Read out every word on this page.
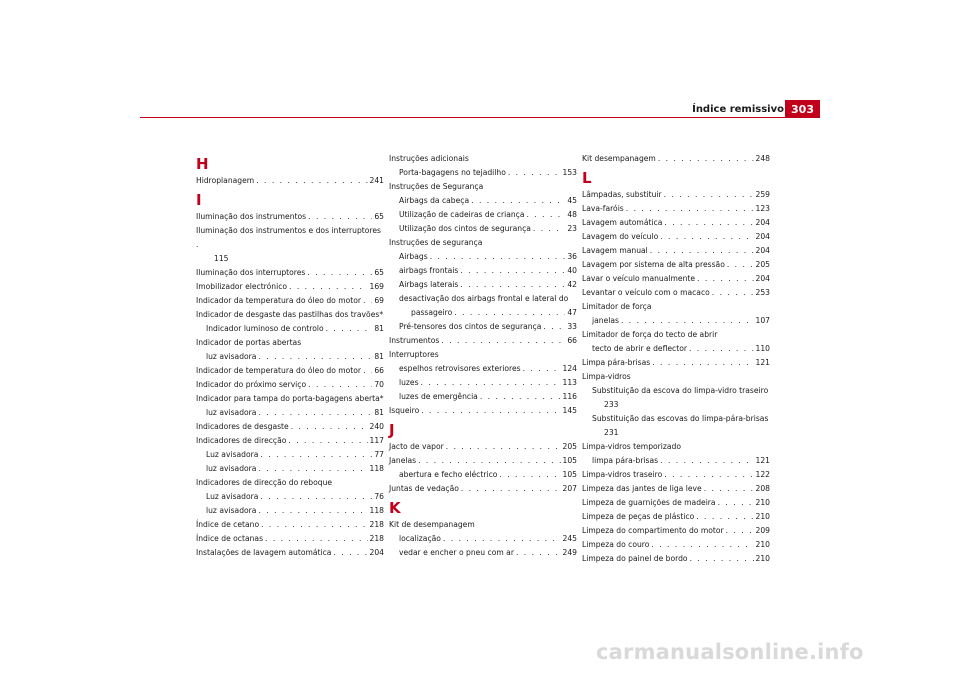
Índice remissivo 303
H
Hidroplanagem . . .	241
I
Iluminação dos instrumentos . . .	65
Iluminação dos instrumentos e dos interruptores .
115
Iluminação dos interruptores . . .	65
Imobilizador electrónico . . .	169
Indicador da temperatura do óleo do motor . . . 69
Indicador de desgaste das pastilhas dos travões*
Indicador luminoso de controlo . . .	81
Indicador de portas abertas
luz avisadora . . .	81
Indicador de temperatura do óleo do motor . . . 66
Indicador do próximo serviço . . .	70
Indicador para tampa do porta-bagagens aberta*
luz avisadora . . .	81
Indicadores de desgaste . . .	240
Indicadores de direcção . . .	117
Luz avisadora . . .	77
luz avisadora . . .	118
Indicadores de direcção do reboque
Luz avisadora . . .	76
luz avisadora . . .	118
Índice de cetano . . .	218
Índice de octanas . . .	218
Instalações de lavagem automática . . .	204
Instruções adicionais
Porta-bagagens no tejadilho . . .	153
Instruções de Segurança
Airbags da cabeça . . .	45
Utilização de cadeiras de criança . . .	48
Utilização dos cintos de segurança . . .	23
Instruções de segurança
Airbags . . .	36
airbags frontais . . .	40
Airbags laterais . . .	42
desactivação dos airbags frontal e lateral do
passageiro . . .	47
Pré-tensores dos cintos de segurança . . .	33
Instrumentos . . .	66
Interruptores
espelhos retrovisores exteriores . . .	124
luzes . . .	113
luzes de emergência . . .	116
Isqueiro . . .	145
J
Jacto de vapor . . .	205
Janelas . . .	105
abertura e fecho eléctrico . . .	105
Juntas de vedação . . .	207
K
Kit de desempanagem
localização . . .	245
vedar e encher o pneu com ar . . .	249
Kit desempanagem . . .	248
L
Lâmpadas, substituir . . .	259
Lava-faróis . . .	123
Lavagem automática . . .	204
Lavagem do veículo . . .	204
Lavagem manual . . .	204
Lavagem por sistema de alta pressão . . .	205
Lavar o veículo manualmente . . .	204
Levantar o veículo com o macaco . . .	253
Limitador de força
janelas . . .	107
Limitador de força do tecto de abrir
tecto de abrir e deflector . . .	110
Limpa pára-brisas . . .	121
Limpa-vidros
Substituição da escova do limpa-vidro traseiro
233
Substituição das escovas do limpa-pára-brisas
231
Limpa-vidros temporizado
limpa pára-brisas . . .	121
Limpa-vidros traseiro . . .	122
Limpeza das jantes de liga leve . . .	208
Limpeza de guarnições de madeira . . .	210
Limpeza de peças de plástico . . .	210
Limpeza do compartimento do motor . . .	209
Limpeza do couro . . .	210
Limpeza do painel de bordo . . .	210
carmanualsonline.info
